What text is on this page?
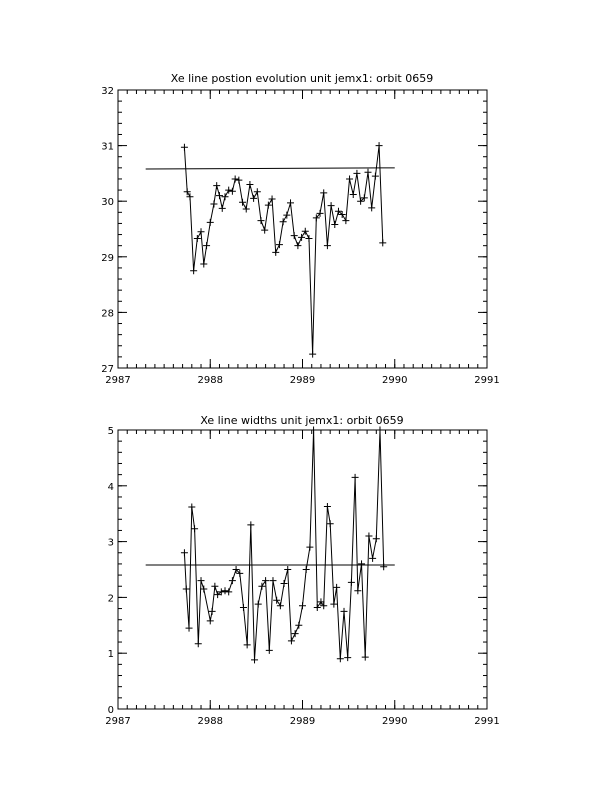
Xe line postion evolution unit jemx1: orbit 0659
2987	2988	2989	2990	2991
27
28
29
30
31
32
Xe line widths unit jemx1: orbit 0659
2987	2988	2989	2990	2991
0
1
2
3
4
5
